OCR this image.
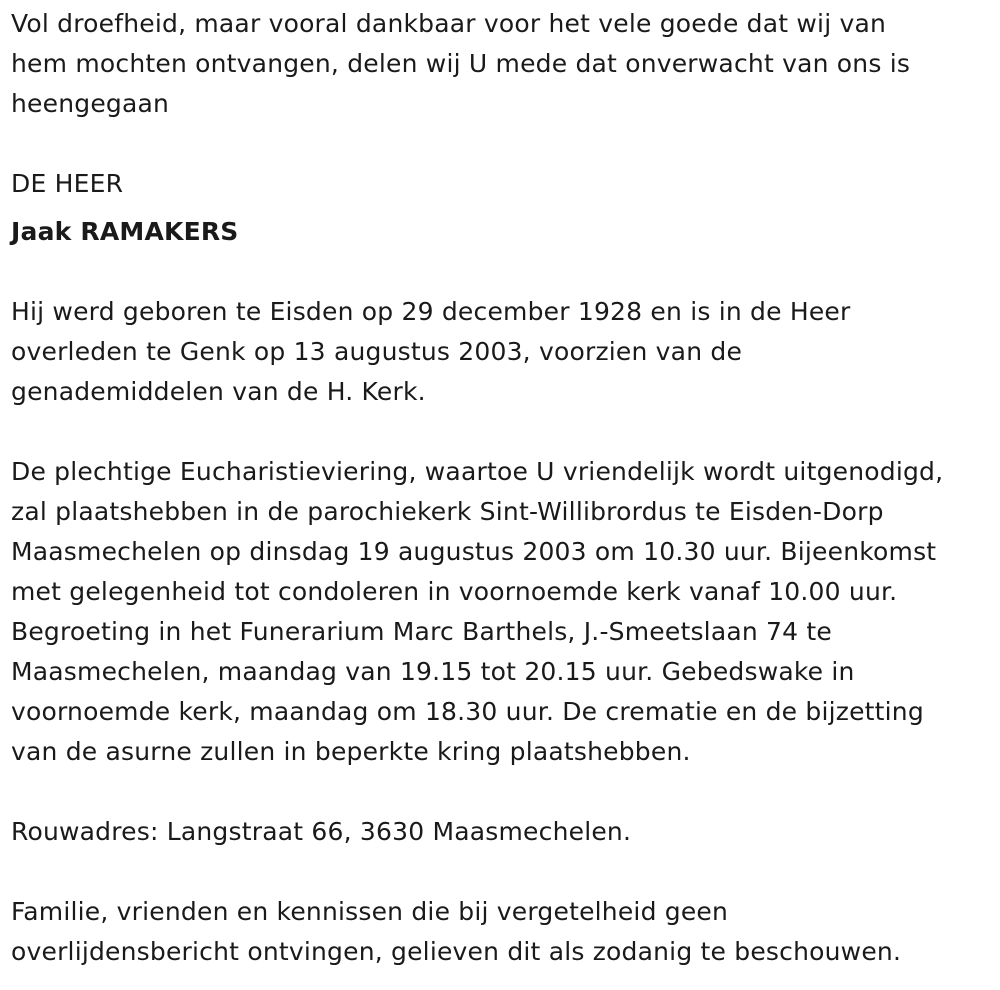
Vol droefheid, maar vooral dankbaar voor het vele goede dat wij van
hem mochten ontvangen, delen wij U mede dat onverwacht van ons is
heengegaan

DE HEER
Jaak RAMAKERS

Hij werd geboren te Eisden op 29 december 1928 en is in de Heer
overleden te Genk op 13 augustus 2003, voorzien van de
genademiddelen van de H. Kerk.

De plechtige Eucharistieviering, waartoe U vriendelijk wordt uitgenodigd,
zal plaatshebben in de parochiekerk Sint-Willibrordus te Eisden-Dorp
Maasmechelen op dinsdag 19 augustus 2003 om 10.30 uur. Bijeenkomst
met gelegenheid tot condoleren in voornoemde kerk vanaf 10.00 uur.
Begroeting in het Funerarium Marc Barthels, J.-Smeetslaan 74 te
Maasmechelen, maandag van 19.15 tot 20.15 uur. Gebedswake in
voornoemde kerk, maandag om 18.30 uur. De crematie en de bijzetting
van de asurne zullen in beperkte kring plaatshebben.

Rouwadres: Langstraat 66, 3630 Maasmechelen.

Familie, vrienden en kennissen die bij vergetelheid geen
overlijdensbericht ontvingen, gelieven dit als zodanig te beschouwen.
